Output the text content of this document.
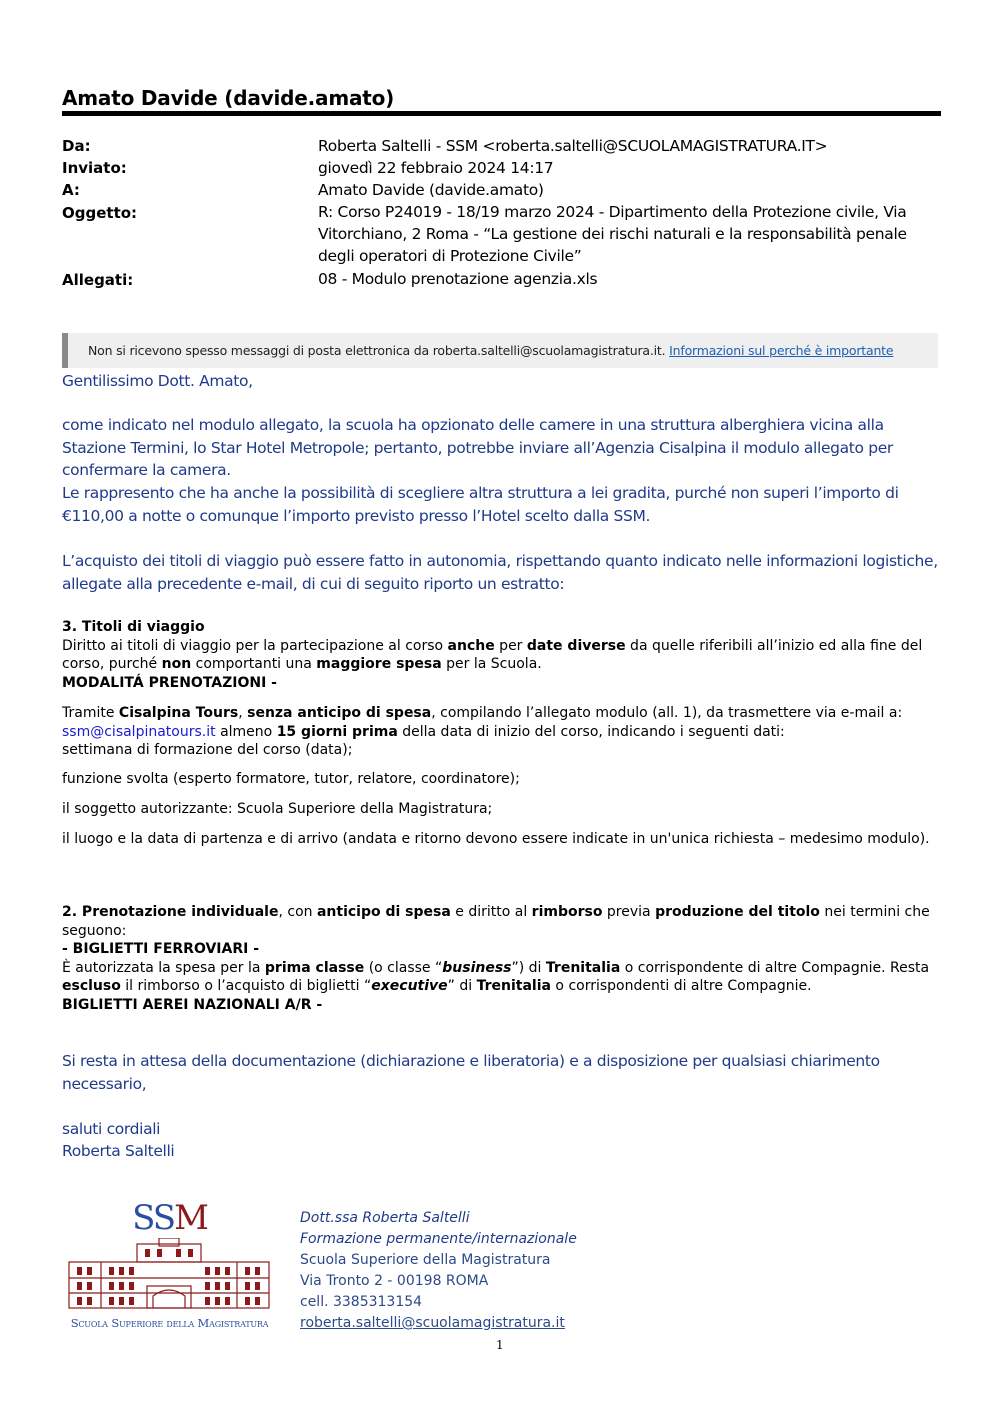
Amato Davide (davide.amato)
Da:	Roberta Saltelli - SSM <roberta.saltelli@SCUOLAMAGISTRATURA.IT>
Inviato:	giovedì 22 febbraio 2024 14:17
A:	Amato Davide (davide.amato)
Oggetto:	R: Corso P24019 - 18/19 marzo 2024 - Dipartimento della Protezione civile, Via Vitorchiano, 2 Roma - “La gestione dei rischi naturali e la responsabilità penale degli operatori di Protezione Civile”
Allegati:	08 - Modulo prenotazione agenzia.xls
Non si ricevono spesso messaggi di posta elettronica da roberta.saltelli@scuolamagistratura.it. Informazioni sul perché è importante
Gentilissimo Dott. Amato,
come indicato nel modulo allegato, la scuola ha opzionato delle camere in una struttura alberghiera vicina alla Stazione Termini, lo Star Hotel Metropole; pertanto, potrebbe inviare all’Agenzia Cisalpina il modulo allegato per confermare la camera.
Le rappresento che ha anche la possibilità di scegliere altra struttura a lei gradita, purché non superi l’importo di €110,00 a notte o comunque l’importo previsto presso l’Hotel scelto dalla SSM.
L’acquisto dei titoli di viaggio può essere fatto in autonomia, rispettando quanto indicato nelle informazioni logistiche, allegate alla precedente e-mail, di cui di seguito riporto un estratto:
3. Titoli di viaggio
Diritto ai titoli di viaggio per la partecipazione al corso anche per date diverse da quelle riferibili all’inizio ed alla fine del corso, purché non comportanti una maggiore spesa per la Scuola.
MODALITÁ PRENOTAZIONI -
Tramite Cisalpina Tours, senza anticipo di spesa, compilando l’allegato modulo (all. 1), da trasmettere via e-mail a: ssm@cisalpinatours.it almeno 15 giorni prima della data di inizio del corso, indicando i seguenti dati:
settimana di formazione del corso (data);
funzione svolta (esperto formatore, tutor, relatore, coordinatore);
il soggetto autorizzante: Scuola Superiore della Magistratura;
il luogo e la data di partenza e di arrivo (andata e ritorno devono essere indicate in un'unica richiesta – medesimo modulo).
2. Prenotazione individuale, con anticipo di spesa e diritto al rimborso previa produzione del titolo nei termini che seguono:
- BIGLIETTI FERROVIARI -
È autorizzata la spesa per la prima classe (o classe “business”) di Trenitalia o corrispondente di altre Compagnie. Resta escluso il rimborso o l’acquisto di biglietti “executive” di Trenitalia o corrispondenti di altre Compagnie.
BIGLIETTI AEREI NAZIONALI A/R -
Si resta in attesa della documentazione (dichiarazione e liberatoria) e a disposizione per qualsiasi chiarimento necessario,
saluti cordiali
Roberta Saltelli
SSM
Scuola Superiore della Magistratura
Dott.ssa Roberta Saltelli
Formazione permanente/internazionale
Scuola Superiore della Magistratura
Via Tronto 2 - 00198 ROMA
cell. 3385313154
roberta.saltelli@scuolamagistratura.it
1
